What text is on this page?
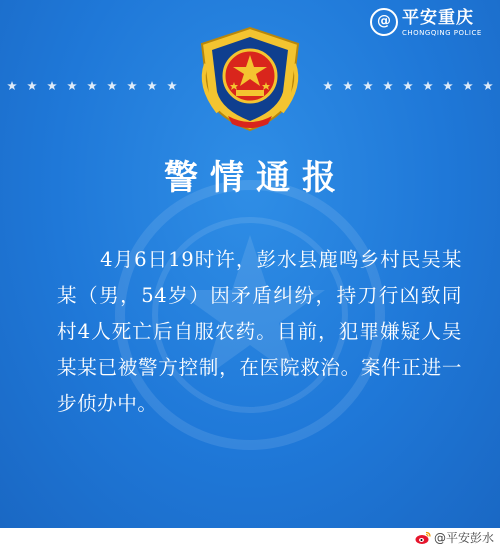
@ 平安重庆
CHONGQING POLICE
警情通报
4月6日19时许，彭水县鹿鸣乡村民吴某某（男，54岁）因矛盾纠纷，持刀行凶致同村4人死亡后自服农药。目前，犯罪嫌疑人吴某某已被警方控制，在医院救治。案件正进一步侦办中。
@平安彭水
